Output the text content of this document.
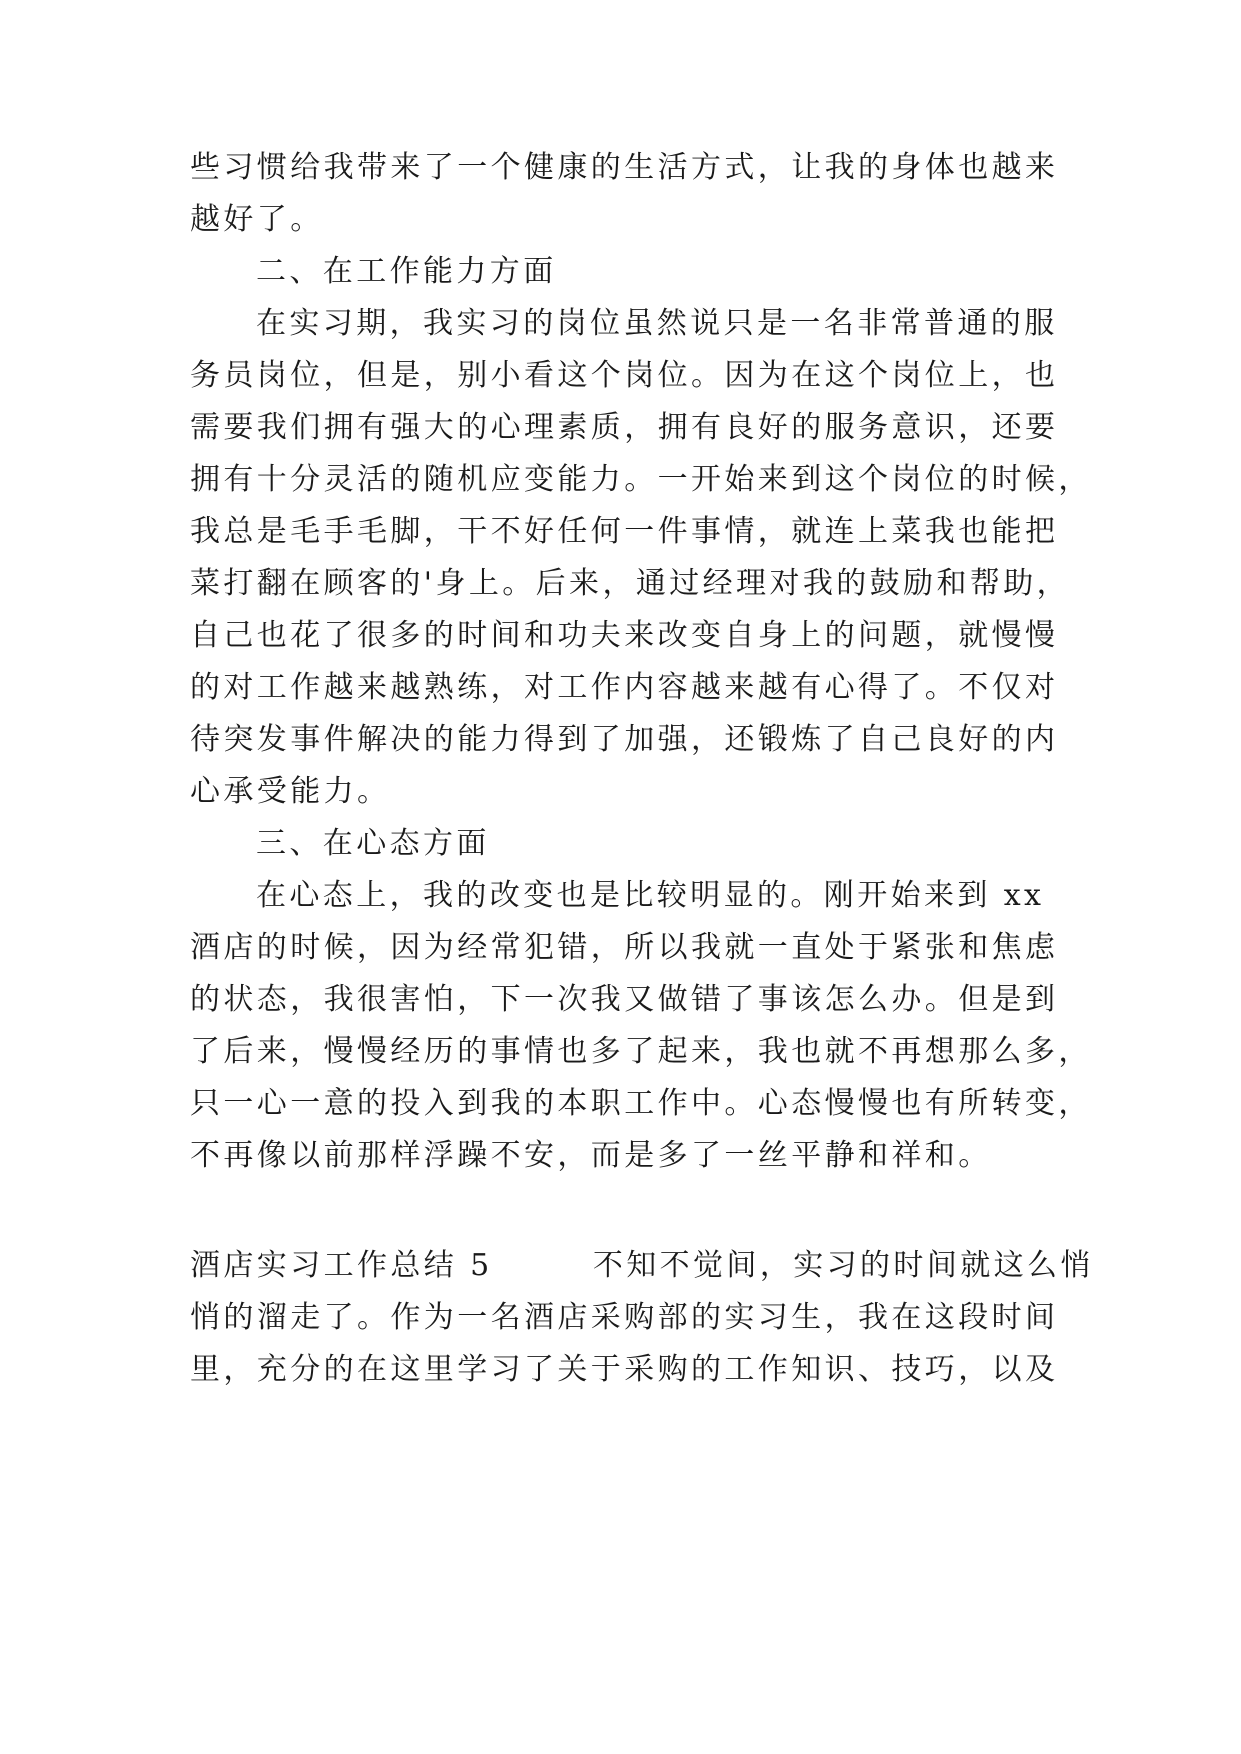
些习惯给我带来了一个健康的生活方式，让我的身体也越来
越好了。
二、在工作能力方面
在实习期，我实习的岗位虽然说只是一名非常普通的服
务员岗位，但是，别小看这个岗位。因为在这个岗位上，也
需要我们拥有强大的心理素质，拥有良好的服务意识，还要
拥有十分灵活的随机应变能力。一开始来到这个岗位的时候，
我总是毛手毛脚，干不好任何一件事情，就连上菜我也能把
菜打翻在顾客的'身上。后来，通过经理对我的鼓励和帮助，
自己也花了很多的时间和功夫来改变自身上的问题，就慢慢
的对工作越来越熟练，对工作内容越来越有心得了。不仅对
待突发事件解决的能力得到了加强，还锻炼了自己良好的内
心承受能力。
三、在心态方面
在心态上，我的改变也是比较明显的。刚开始来到 xx
酒店的时候，因为经常犯错，所以我就一直处于紧张和焦虑
的状态，我很害怕，下一次我又做错了事该怎么办。但是到
了后来，慢慢经历的事情也多了起来，我也就不再想那么多，
只一心一意的投入到我的本职工作中。心态慢慢也有所转变，
不再像以前那样浮躁不安，而是多了一丝平静和祥和。
酒店实习工作总结 5　　　不知不觉间，实习的时间就这么悄
悄的溜走了。作为一名酒店采购部的实习生，我在这段时间
里，充分的在这里学习了关于采购的工作知识、技巧，以及
